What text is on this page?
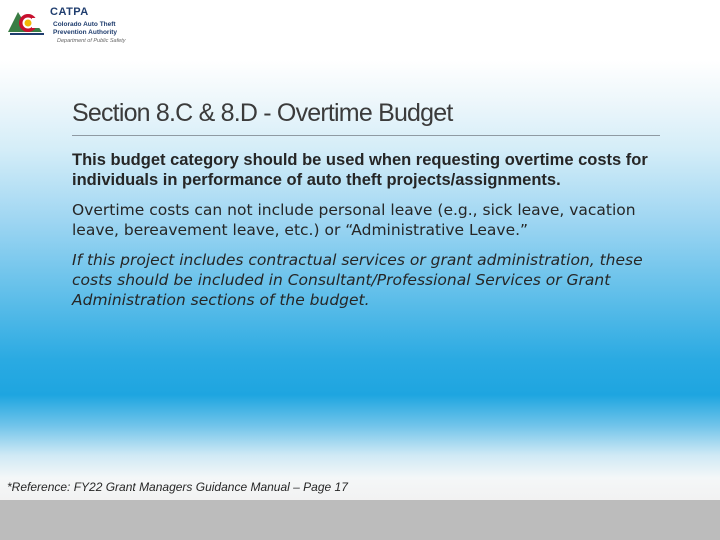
CATPA
Colorado Auto Theft
Prevention Authority
Department of Public Safety
Section 8.C & 8.D - Overtime Budget

This budget category should be used when requesting overtime costs for individuals in performance of auto theft projects/assignments.

Overtime costs can not include personal leave (e.g., sick leave, vacation leave, bereavement leave, etc.) or “Administrative Leave.”

If this project includes contractual services or grant administration, these costs should be included in Consultant/Professional Services or Grant Administration sections of the budget.

*Reference: FY22 Grant Managers Guidance Manual – Page 17
